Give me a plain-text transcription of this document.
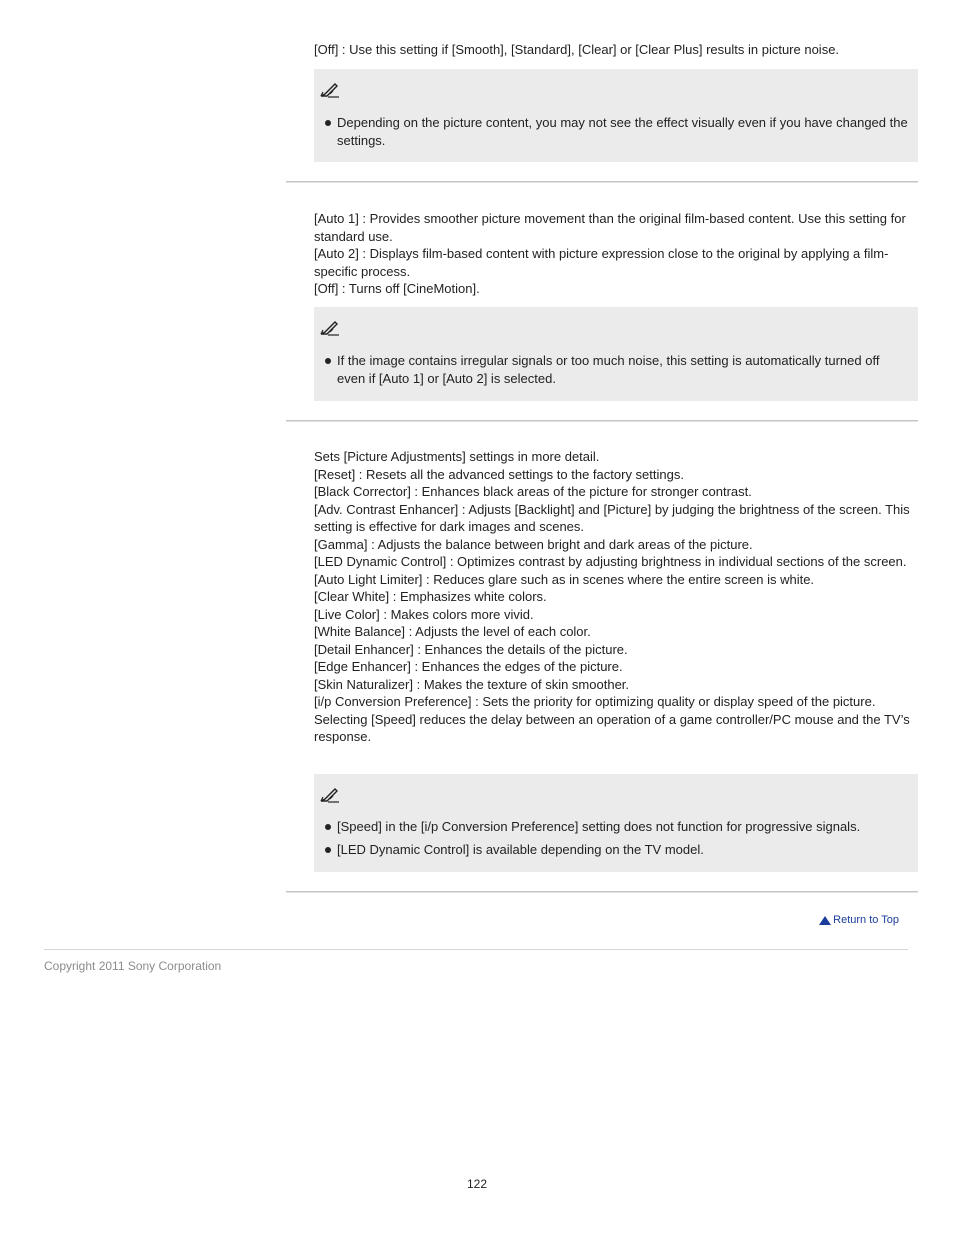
[Off] : Use this setting if [Smooth], [Standard], [Clear] or [Clear Plus] results in picture noise.

Depending on the picture content, you may not see the effect visually even if you have changed the settings.

[Auto 1] : Provides smoother picture movement than the original film-based content. Use this setting for standard use.

[Auto 2] : Displays film-based content with picture expression close to the original by applying a film-specific process.

[Off] : Turns off [CineMotion].

If the image contains irregular signals or too much noise, this setting is automatically turned off even if [Auto 1] or [Auto 2] is selected.

Sets [Picture Adjustments] settings in more detail.

[Reset] : Resets all the advanced settings to the factory settings.

[Black Corrector] : Enhances black areas of the picture for stronger contrast.

[Adv. Contrast Enhancer] : Adjusts [Backlight] and [Picture] by judging the brightness of the screen. This setting is effective for dark images and scenes.

[Gamma] : Adjusts the balance between bright and dark areas of the picture.

[LED Dynamic Control] : Optimizes contrast by adjusting brightness in individual sections of the screen.

[Auto Light Limiter] : Reduces glare such as in scenes where the entire screen is white.

[Clear White] : Emphasizes white colors.

[Live Color] : Makes colors more vivid.

[White Balance] : Adjusts the level of each color.

[Detail Enhancer] : Enhances the details of the picture.

[Edge Enhancer] : Enhances the edges of the picture.

[Skin Naturalizer] : Makes the texture of skin smoother.

[i/p Conversion Preference] : Sets the priority for optimizing quality or display speed of the picture. Selecting [Speed] reduces the delay between an operation of a game controller/PC mouse and the TV’s response.

[Speed] in the [i/p Conversion Preference] setting does not function for progressive signals.
[LED Dynamic Control] is available depending on the TV model.
Return to Top
Copyright 2011 Sony Corporation
122
